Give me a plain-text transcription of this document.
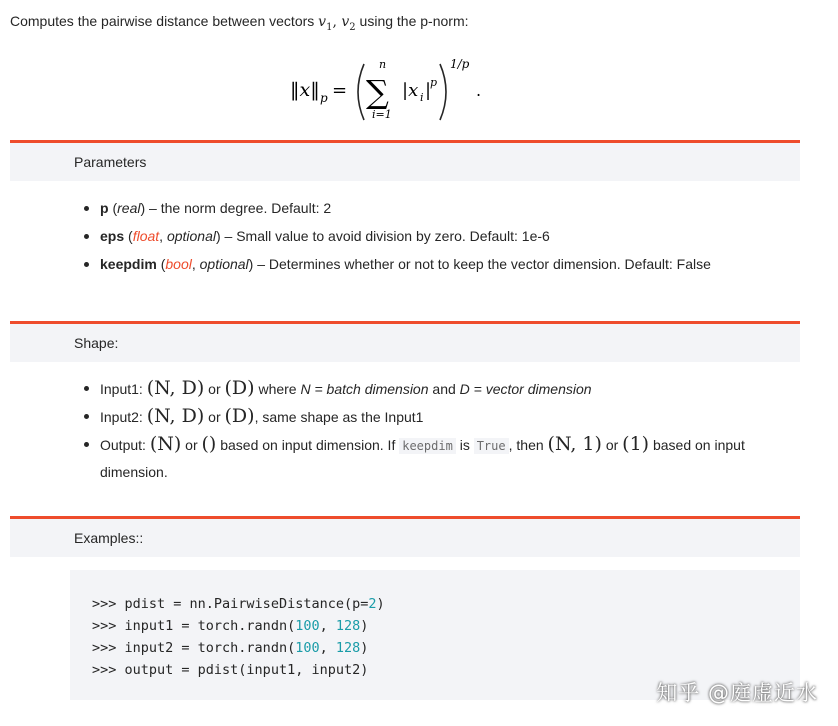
Computes the pairwise distance between vectors $v_1$, $v_2$ using the p-norm:
‖x‖ p =
n
∑
i=1
|x i |
p
1/p
.
Parameters
p (real) – the norm degree. Default: 2
eps (float, optional) – Small value to avoid division by zero. Default: 1e-6
keepdim (bool, optional) – Determines whether or not to keep the vector dimension. Default: False
Shape:
Input1: (N, D) or (D) where N = batch dimension and D = vector dimension
Input2: (N, D) or (D), same shape as the Input1
Output: (N) or () based on input dimension. If keepdim is True , then (N, 1) or (1) based on input
dimension.
Examples::
>>> pdist = nn.PairwiseDistance(p=2)
>>> input1 = torch.randn(100, 128)
>>> input2 = torch.randn(100, 128)
>>> output = pdist(input1, input2)
知乎 @庭虚近水
